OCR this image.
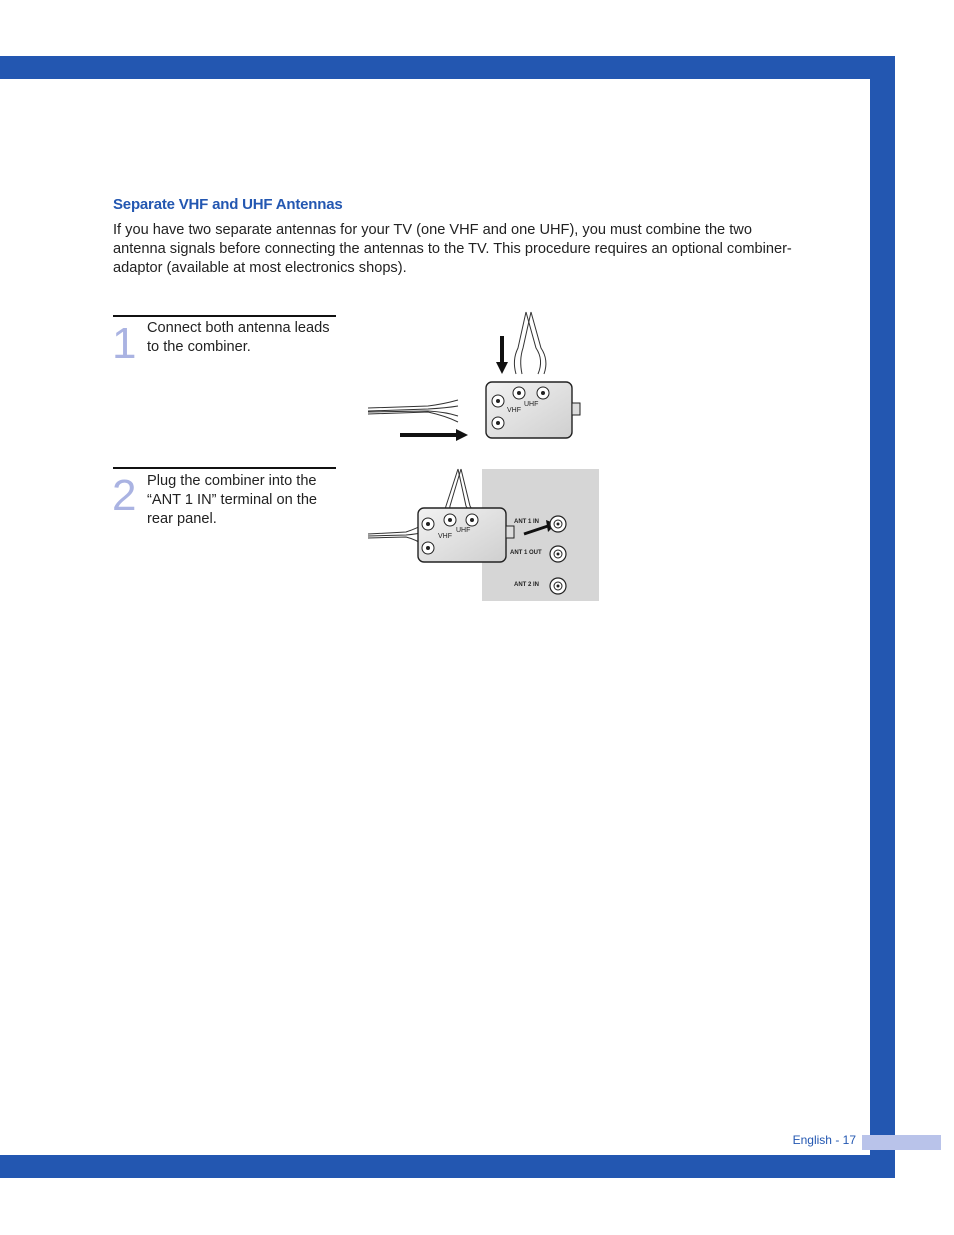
English - 17
Separate VHF and UHF Antennas

If you have two separate antennas for your TV (one VHF and one UHF), you must combine the two antenna signals before connecting the antennas to the TV. This procedure requires an optional combiner-adaptor (available at most electronics shops).

1 Connect both antenna leads to the combiner.

2 Plug the combiner into the “ANT 1 IN” terminal on the rear panel.

UHF
VHF
UHF
VHF
ANT 1 IN
ANT 1 OUT
ANT 2 IN
